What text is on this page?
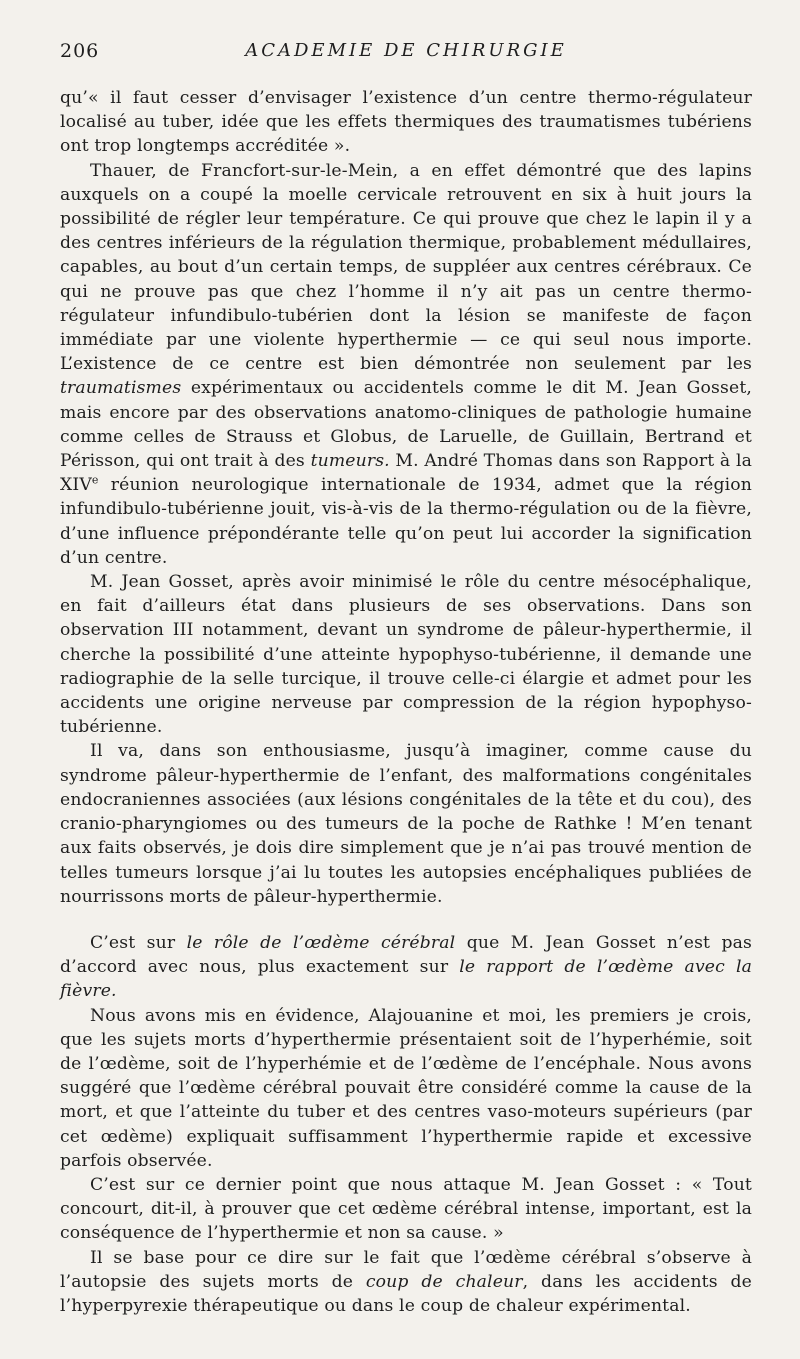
206	ACADEMIE DE CHIRURGIE

qu’« il faut cesser d’envisager l’existence d’un centre thermo-régulateur localisé au tuber, idée que les effets thermiques des traumatismes tubériens ont trop longtemps accréditée ».

Thauer, de Francfort-sur-le-Mein, a en effet démontré que des lapins auxquels on a coupé la moelle cervicale retrouvent en six à huit jours la possibilité de régler leur température. Ce qui prouve que chez le lapin il y a des centres inférieurs de la régulation thermique, probablement médullaires, capables, au bout d’un certain temps, de suppléer aux centres cérébraux. Ce qui ne prouve pas que chez l’homme il n’y ait pas un centre thermo-régulateur infundibulo-tubérien dont la lésion se manifeste de façon immédiate par une violente hyperthermie — ce qui seul nous importe. L’existence de ce centre est bien démontrée non seulement par les traumatismes expérimentaux ou accidentels comme le dit M. Jean Gosset, mais encore par des observations anatomo-cliniques de pathologie humaine comme celles de Strauss et Globus, de Laruelle, de Guillain, Bertrand et Périsson, qui ont trait à des tumeurs. M. André Thomas dans son Rapport à la XIVe réunion neurologique internationale de 1934, admet que la région infundibulo-tubérienne jouit, vis-à-vis de la thermo-régulation ou de la fièvre, d’une influence prépondérante telle qu’on peut lui accorder la signification d’un centre.

M. Jean Gosset, après avoir minimisé le rôle du centre mésocéphalique, en fait d’ailleurs état dans plusieurs de ses observations. Dans son observation III notamment, devant un syndrome de pâleur-hyperthermie, il cherche la possibilité d’une atteinte hypophyso-tubérienne, il demande une radiographie de la selle turcique, il trouve celle-ci élargie et admet pour les accidents une origine nerveuse par compression de la région hypophyso-tubérienne.

Il va, dans son enthousiasme, jusqu’à imaginer, comme cause du syndrome pâleur-hyperthermie de l’enfant, des malformations congénitales endocraniennes associées (aux lésions congénitales de la tête et du cou), des cranio-pharyngiomes ou des tumeurs de la poche de Rathke ! M’en tenant aux faits observés, je dois dire simplement que je n’ai pas trouvé mention de telles tumeurs lorsque j’ai lu toutes les autopsies encéphaliques publiées de nourrissons morts de pâleur-hyperthermie.

C’est sur le rôle de l’œdème cérébral que M. Jean Gosset n’est pas d’accord avec nous, plus exactement sur le rapport de l’œdème avec la fièvre.

Nous avons mis en évidence, Alajouanine et moi, les premiers je crois, que les sujets morts d’hyperthermie présentaient soit de l’hyperhémie, soit de l’œdème, soit de l’hyperhémie et de l’œdème de l’encéphale. Nous avons suggéré que l’œdème cérébral pouvait être considéré comme la cause de la mort, et que l’atteinte du tuber et des centres vaso-moteurs supérieurs (par cet œdème) expliquait suffisamment l’hyperthermie rapide et excessive parfois observée.

C’est sur ce dernier point que nous attaque M. Jean Gosset : « Tout concourt, dit-il, à prouver que cet œdème cérébral intense, important, est la conséquence de l’hyperthermie et non sa cause. »

Il se base pour ce dire sur le fait que l’œdème cérébral s’observe à l’autopsie des sujets morts de coup de chaleur, dans les accidents de l’hyperpyrexie thérapeutique ou dans le coup de chaleur expérimental.
